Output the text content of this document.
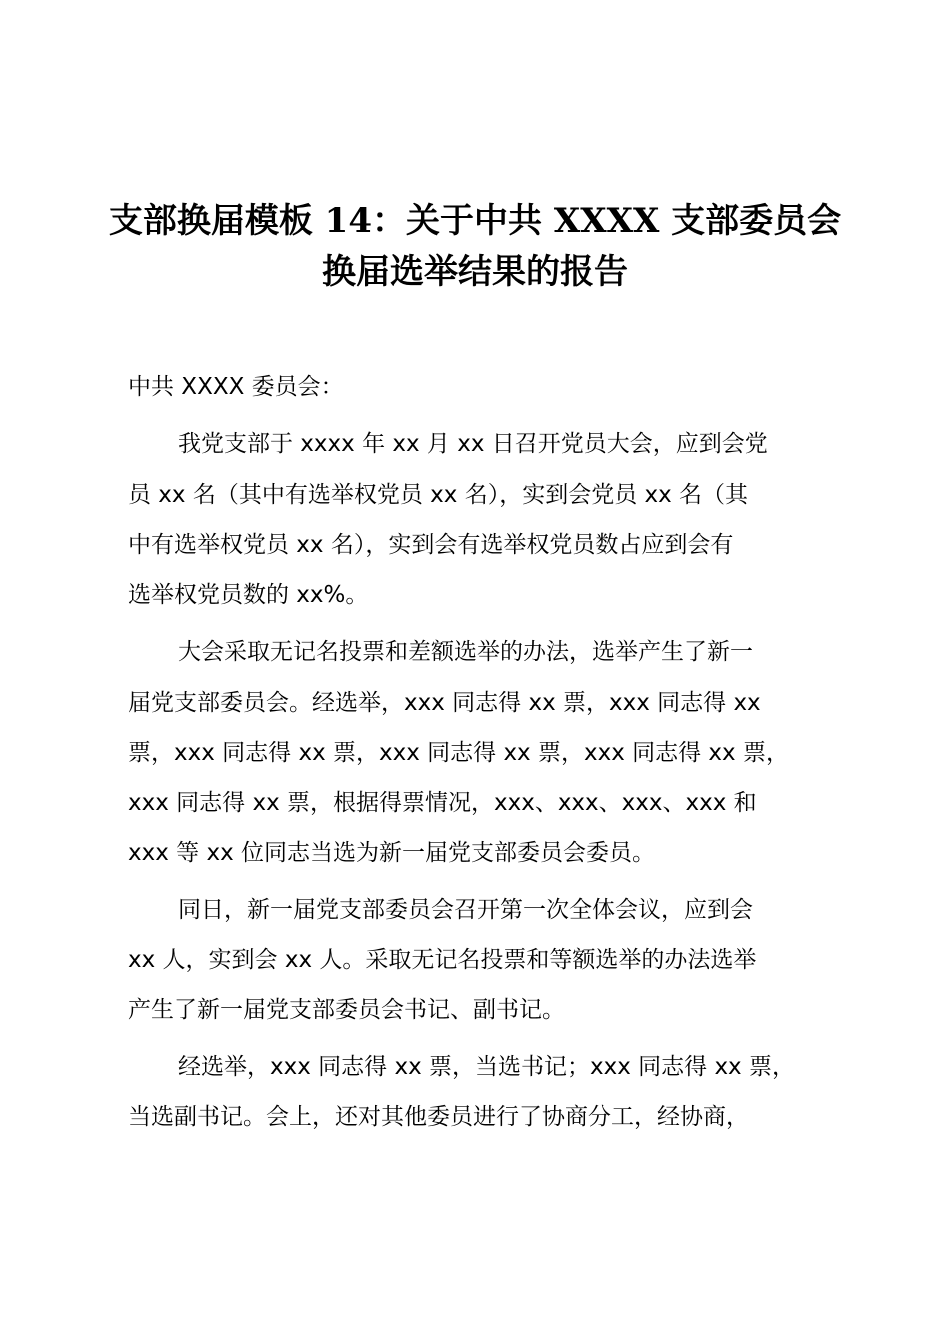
支部换届模板 14：关于中共 XXXX 支部委员会
换届选举结果的报告

中共 XXXX 委员会：

我党支部于 xxxx 年 xx 月 xx 日召开党员大会，应到会党

员 xx 名（其中有选举权党员 xx 名），实到会党员 xx 名（其

中有选举权党员 xx 名），实到会有选举权党员数占应到会有

选举权党员数的 xx%。

大会采取无记名投票和差额选举的办法，选举产生了新一

届党支部委员会。经选举，xxx 同志得 xx 票，xxx 同志得 xx

票，xxx 同志得 xx 票，xxx 同志得 xx 票，xxx 同志得 xx 票，

xxx 同志得 xx 票，根据得票情况，xxx、xxx、xxx、xxx 和

xxx 等 xx 位同志当选为新一届党支部委员会委员。

同日，新一届党支部委员会召开第一次全体会议，应到会

xx 人，实到会 xx 人。采取无记名投票和等额选举的办法选举

产生了新一届党支部委员会书记、副书记。

经选举，xxx 同志得 xx 票，当选书记；xxx 同志得 xx 票，

当选副书记。会上，还对其他委员进行了协商分工，经协商，
